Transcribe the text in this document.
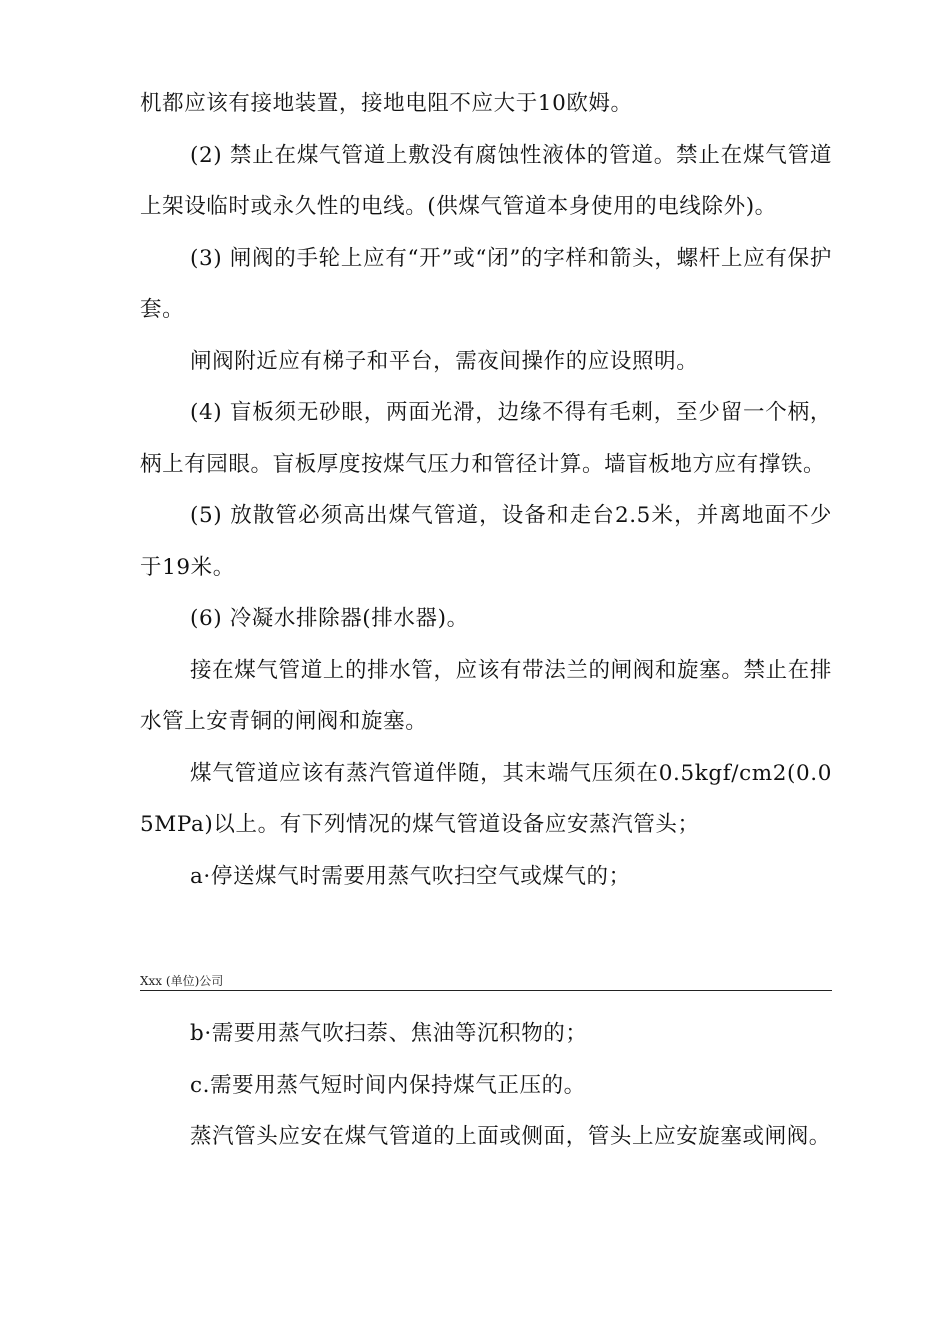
机都应该有接地装置，接地电阻不应大于10欧姆。

(2) 禁止在煤气管道上敷没有腐蚀性液体的管道。禁止在煤气管道上架设临时或永久性的电线。(供煤气管道本身使用的电线除外)。

(3) 闸阀的手轮上应有“开”或“闭”的字样和箭头，螺杆上应有保护套。

闸阀附近应有梯子和平台，需夜间操作的应设照明。

(4) 盲板须无砂眼，两面光滑，边缘不得有毛刺，至少留一个柄，柄上有园眼。盲板厚度按煤气压力和管径计算。墙盲板地方应有撑铁。

(5) 放散管必须高出煤气管道，设备和走台2.5米，并离地面不少于19米。

(6) 冷凝水排除器(排水器)。

接在煤气管道上的排水管，应该有带法兰的闸阀和旋塞。禁止在排水管上安青铜的闸阀和旋塞。

煤气管道应该有蒸汽管道伴随，其末端气压须在0.5kgf/cm2(0.05MPa)以上。有下列情况的煤气管道设备应安蒸汽管头；

a·停送煤气时需要用蒸气吹扫空气或煤气的；

Xxx (单位)公司

b·需要用蒸气吹扫萘、焦油等沉积物的；

c.需要用蒸气短时间内保持煤气正压的。

蒸汽管头应安在煤气管道的上面或侧面，管头上应安旋塞或闸阀。
